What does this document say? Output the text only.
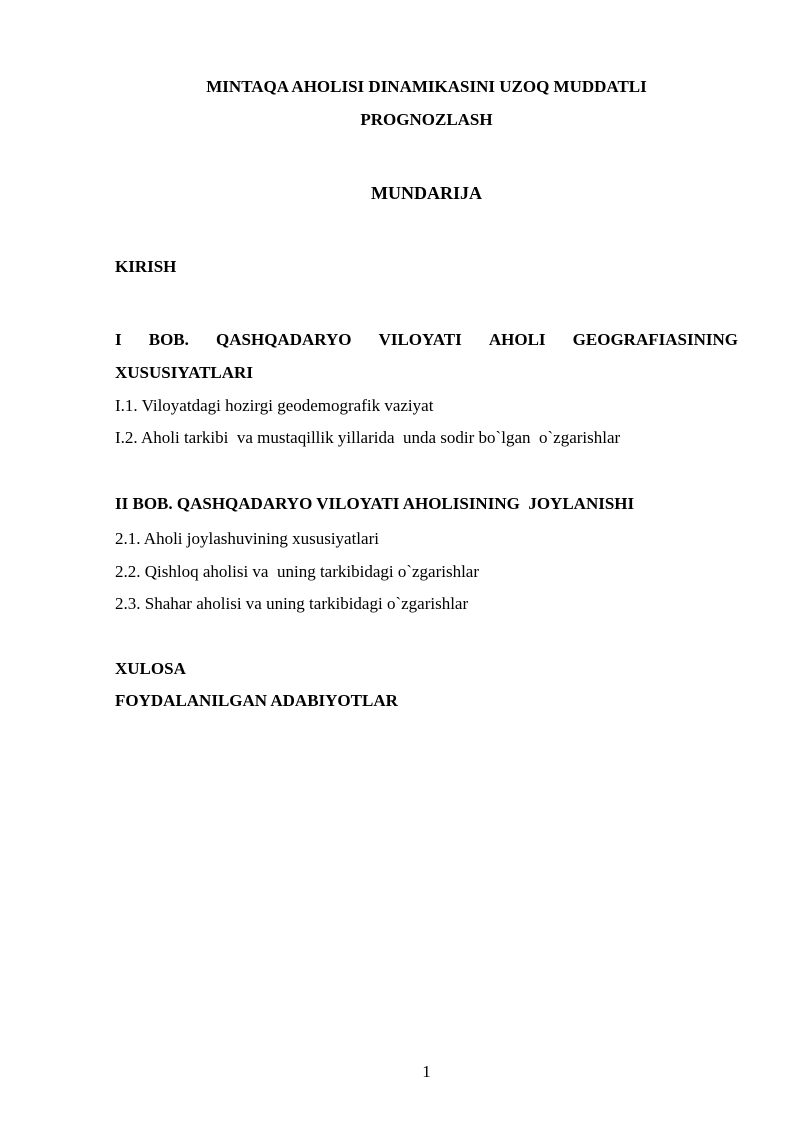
MINTAQA AHOLISI DINAMIKASINI UZOQ MUDDATLI
PROGNOZLASH
MUNDARIJA
KIRISH
I BOB. QASHQADARYO VILOYATI AHOLI GEOGRAFIASINING
XUSUSIYATLARI
I.1. Viloyatdagi hozirgi geodemografik vaziyat
I.2. Aholi tarkibi  va mustaqillik yillarida  unda sodir bo`lgan  o`zgarishlar
II BOB. QASHQADARYO VILOYATI AHOLISINING  JOYLANISHI
2.1. Aholi joylashuvining xususiyatlari
2.2. Qishloq aholisi va  uning tarkibidagi o`zgarishlar
2.3. Shahar aholisi va uning tarkibidagi o`zgarishlar
XULOSA
FOYDALANILGAN ADABIYOTLAR
1
